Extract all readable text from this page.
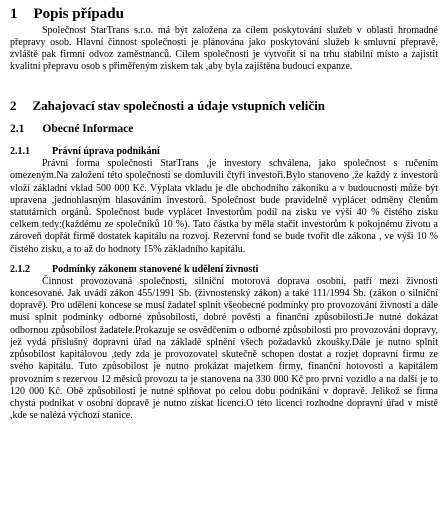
1 Popis případu

Společnost StarTrans s.r.o. má být založena za cílem poskytování služeb v oblasti hromadné přepravy osob. Hlavní činnost společnosti je plánována jako poskytování služeb k smluvní přepravě, zvláště pak firmní odvoz zaměstnanců. Cílem společnosti je vytvořit si na trhu stabilní místo a zajistit kvalitní přepravu osob s přiměřeným ziskem tak ,aby byla zajištěna budoucí expanze.

2 Zahajovací stav společnosti a údaje vstupních veličin
2.1 Obecné Informace
2.1.1 Právní úprava podnikání

Právní forma společnosti StarTrans ,je investory schválena, jako společnost s ručením omezeným.Na založení této společnosti se domluvili čtyři investoři.Bylo stanoveno ,že každý z investorů vloží základní vklad 500 000 Kč. Výplata vkladu je dle obchodního zákoníku a v budoucnosti může být upravena ,jednohlasným hlasováním investorů. Společnost bude pravidelně vyplácet odměny členům statutárních orgánů. Společnost bude vyplácet Investorům podíl na zisku ve výši 40 % čistého zisku celkem tedy:(každému ze společníků 10 %). Tato částka by měla stačit investorům k pokojnému životu a zároveň dopřát firmě dostatek kapitálu na rozvoj. Rezervní fond se bude tvořit dle zákona , ve výši 10 % čistého zisku, a to až do hodnoty 15% základního kapitálu.

2.1.2 Podmínky zákonem stanovené k udělení živnosti

Činnost provozovaná společností, silniční motorová doprava osobní, patří mezi živnosti koncesované. Jak uvádí zákon 455/1991 Sb. (živnostenský zákon) a také 111/1994 Sb. (zákon o silniční dopravě). Pro udělení koncese se musí žadatel splnit všeobecné podmínky pro provozování živnosti a dále musí splnit podmínky odborné způsobilosti, dobré pověsti a finanční způsobilosti.Je nutné dokázat odbornou způsobilost žadatele.Prokazuje se osvědčením o odborné způsobilosti pro provozování dopravy, jež vydá příslušný dopravní úřad na základě splnění všech požadavků zkoušky.Dále je nutno splnit způsobilost kapitálovou ,tedy zda je provozovatel skutečně schopen dostat a rozjet dopravní firmu ze svého kapitálu. Tuto způsobilost je nutno prokázat majetkem firmy, finanční hotovosti a kapitálem provozním s rezervou 12 měsíců provozu ta je stanovena na 330 000 Kč pro první vozidlo a na další je to 120 000 Kč. Obě způsobilosti je nutné splňovat po celou dobu podnikání v dopravě. Jelikož se firma chystá podnikat v osobní dopravě je nutno získat licenci.O této licenci rozhodne dopravní úřad v místě ,kde se nalézá výchozí stanice.
